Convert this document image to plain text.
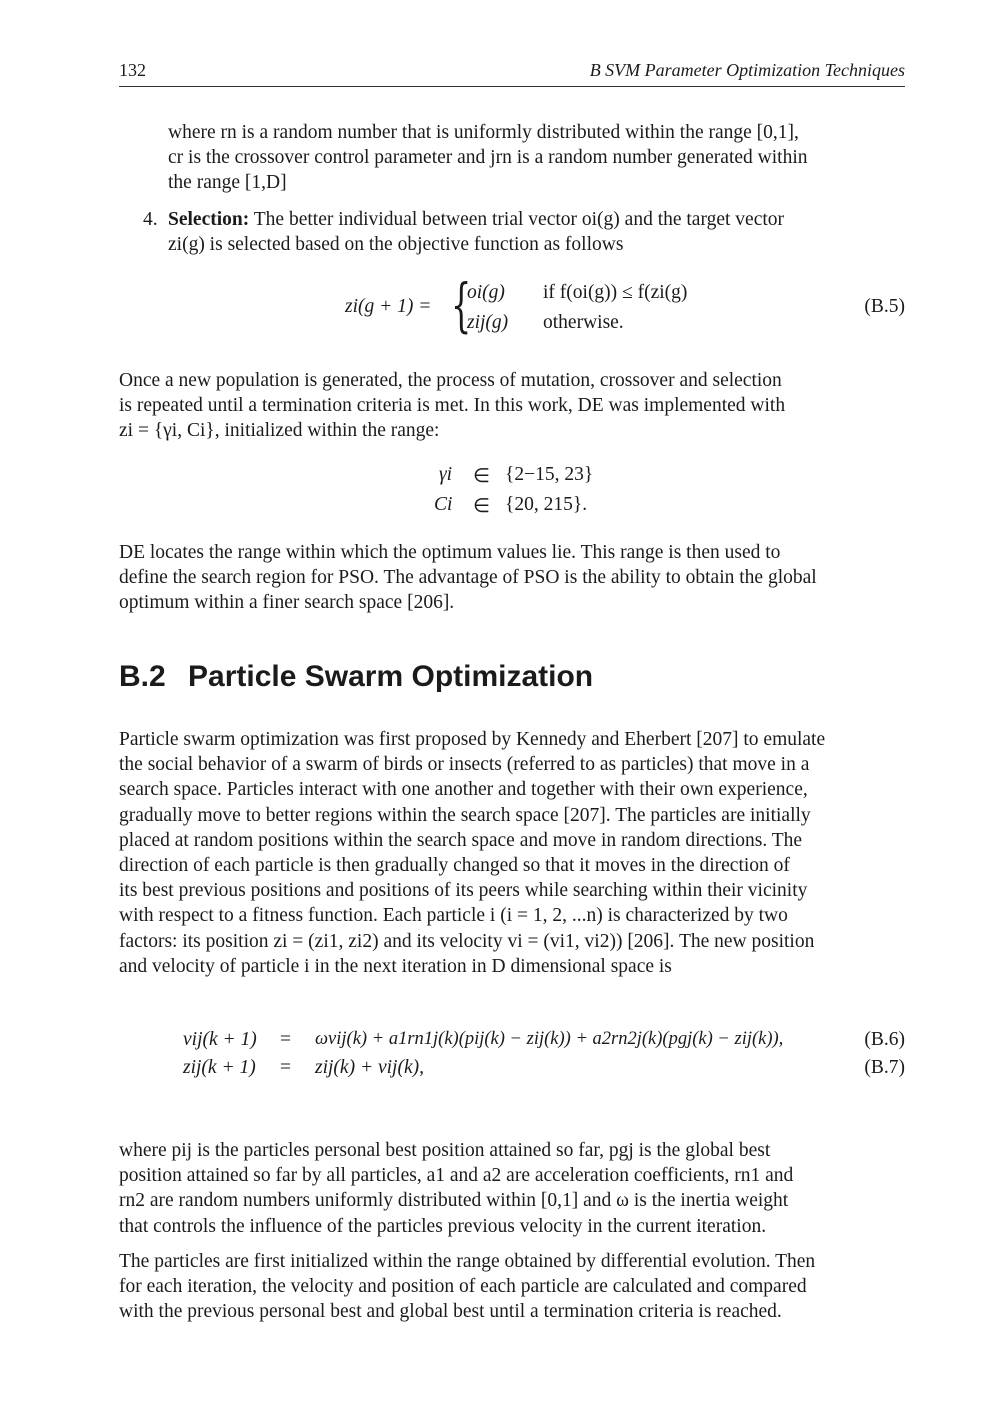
132	B SVM Parameter Optimization Techniques

where rn is a random number that is uniformly distributed within the range [0,1],

cr is the crossover control parameter and jrn is a random number generated within

the range [1,D]

4. Selection: The better individual between trial vector oi(g) and the target vector

zi(g) is selected based on the objective function as follows

zi(g + 1) = {
oi(g) if f(oi(g)) ≤ f(zi(g)
zij(g) otherwise.
(B.5)

Once a new population is generated, the process of mutation, crossover and selection

is repeated until a termination criteria is met. In this work, DE was implemented with

zi = {γi, Ci}, initialized within the range:

γi ∈ {2−15, 23}
Ci ∈ {20, 215}.

DE locates the range within which the optimum values lie. This range is then used to

define the search region for PSO. The advantage of PSO is the ability to obtain the global

optimum within a finer search space [206].

B.2 Particle Swarm Optimization

Particle swarm optimization was first proposed by Kennedy and Eherbert [207] to emulate

the social behavior of a swarm of birds or insects (referred to as particles) that move in a

search space. Particles interact with one another and together with their own experience,

gradually move to better regions within the search space [207]. The particles are initially

placed at random positions within the search space and move in random directions. The

direction of each particle is then gradually changed so that it moves in the direction of

its best previous positions and positions of its peers while searching within their vicinity

with respect to a fitness function. Each particle i (i = 1, 2, ...n) is characterized by two

factors: its position zi = (zi1, zi2) and its velocity vi = (vi1, vi2)) [206]. The new position

and velocity of particle i in the next iteration in D dimensional space is

vij(k + 1) = ωvij(k) + a1rn1j(k)(pij(k) − zij(k)) + a2rn2j(k)(pgj(k) − zij(k)),	(B.6)
zij(k + 1) = zij(k) + vij(k),	(B.7)

where pij is the particles personal best position attained so far, pgj is the global best

position attained so far by all particles, a1 and a2 are acceleration coefficients, rn1 and

rn2 are random numbers uniformly distributed within [0,1] and ω is the inertia weight

that controls the influence of the particles previous velocity in the current iteration.

The particles are first initialized within the range obtained by differential evolution. Then

for each iteration, the velocity and position of each particle are calculated and compared

with the previous personal best and global best until a termination criteria is reached.
